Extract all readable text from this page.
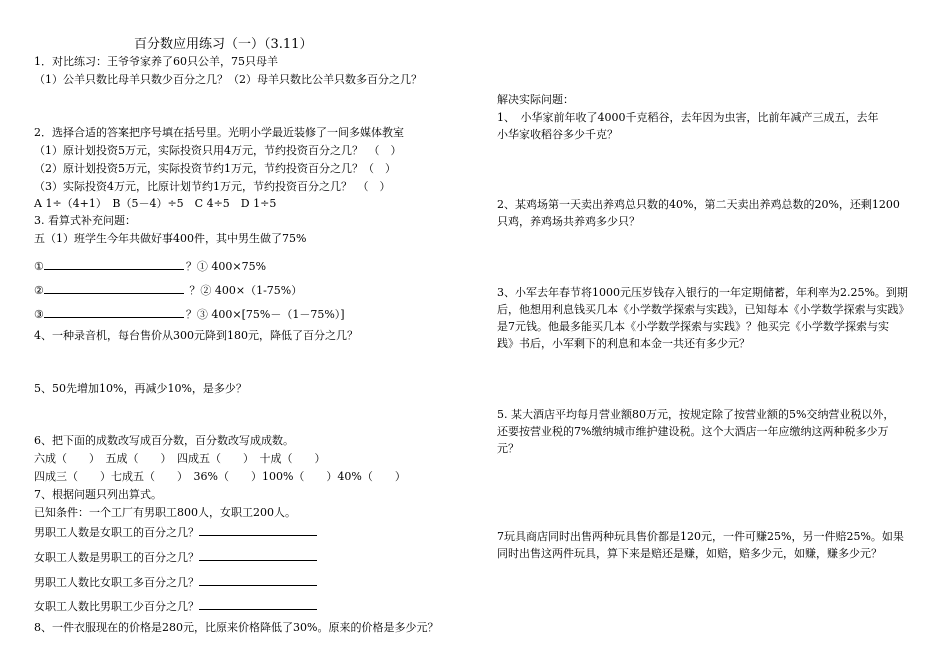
百分数应用练习（一）（3.11）
1．对比练习：王爷爷家养了60只公羊，75只母羊
（1）公羊只数比母羊只数少百分之几？（2）母羊只数比公羊只数多百分之几？
2．选择合适的答案把序号填在括号里。光明小学最近装修了一间多媒体教室
（1）原计划投资5万元，实际投资只用4万元，节约投资百分之几？　（　）
（2）原计划投资5万元，实际投资节约1万元，节约投资百分之几？（　）
（3）实际投资4万元，比原计划节约1万元，节约投资百分之几？　（　）
A 1÷（4+1）　B（5－4）÷5　C 4÷5　D 1÷5
3. 看算式补充问题：
五（1）班学生今年共做好事400件，其中男生做了75%
①	？① 400×75%
②	？② 400×（1-75%）
③	？③ 400×[75%－（1－75%）]
4、一种录音机，每台售价从300元降到180元，降低了百分之几？
5、50先增加10%，再减少10%，是多少？
6、把下面的成数改写成百分数，百分数改写成成数。
六成（　　）　五成（　　）　四成五（　　）　十成（　　）
四成三（　　）七成五（　　）　36%（　　）100%（　　）40%（　　）
7、根据问题只列出算式。
已知条件：一个工厂有男职工800人，女职工200人。
男职工人数是女职工的百分之几？
女职工人数是男职工的百分之几？
男职工人数比女职工多百分之几？
女职工人数比男职工少百分之几？
8、一件衣服现在的价格是280元，比原来价格降低了30%。原来的价格是多少元？
解决实际问题：
1、　小华家前年收了4000千克稻谷，去年因为虫害，比前年减产三成五，去年
小华家收稻谷多少千克？
2、某鸡场第一天卖出养鸡总只数的40%，第二天卖出养鸡总数的20%，还剩1200
只鸡，养鸡场共养鸡多少只？
3、小军去年春节将1000元压岁钱存入银行的一年定期储蓄，年利率为2.25%。到期
后，他想用利息钱买几本《小学数学探索与实践》，已知每本《小学数学探索与实践》
是7元钱。他最多能买几本《小学数学探索与实践》？他买完《小学数学探索与实
践》书后，小军剩下的利息和本金一共还有多少元？
5. 某大酒店平均每月营业额80万元，按规定除了按营业额的5%交纳营业税以外，
还要按营业税的7%缴纳城市维护建设税。这个大酒店一年应缴纳这两种税多少万
元？
7玩具商店同时出售两种玩具售价都是120元，一件可赚25%，另一件赔25%。如果
同时出售这两件玩具，算下来是赔还是赚，如赔，赔多少元，如赚，赚多少元？
